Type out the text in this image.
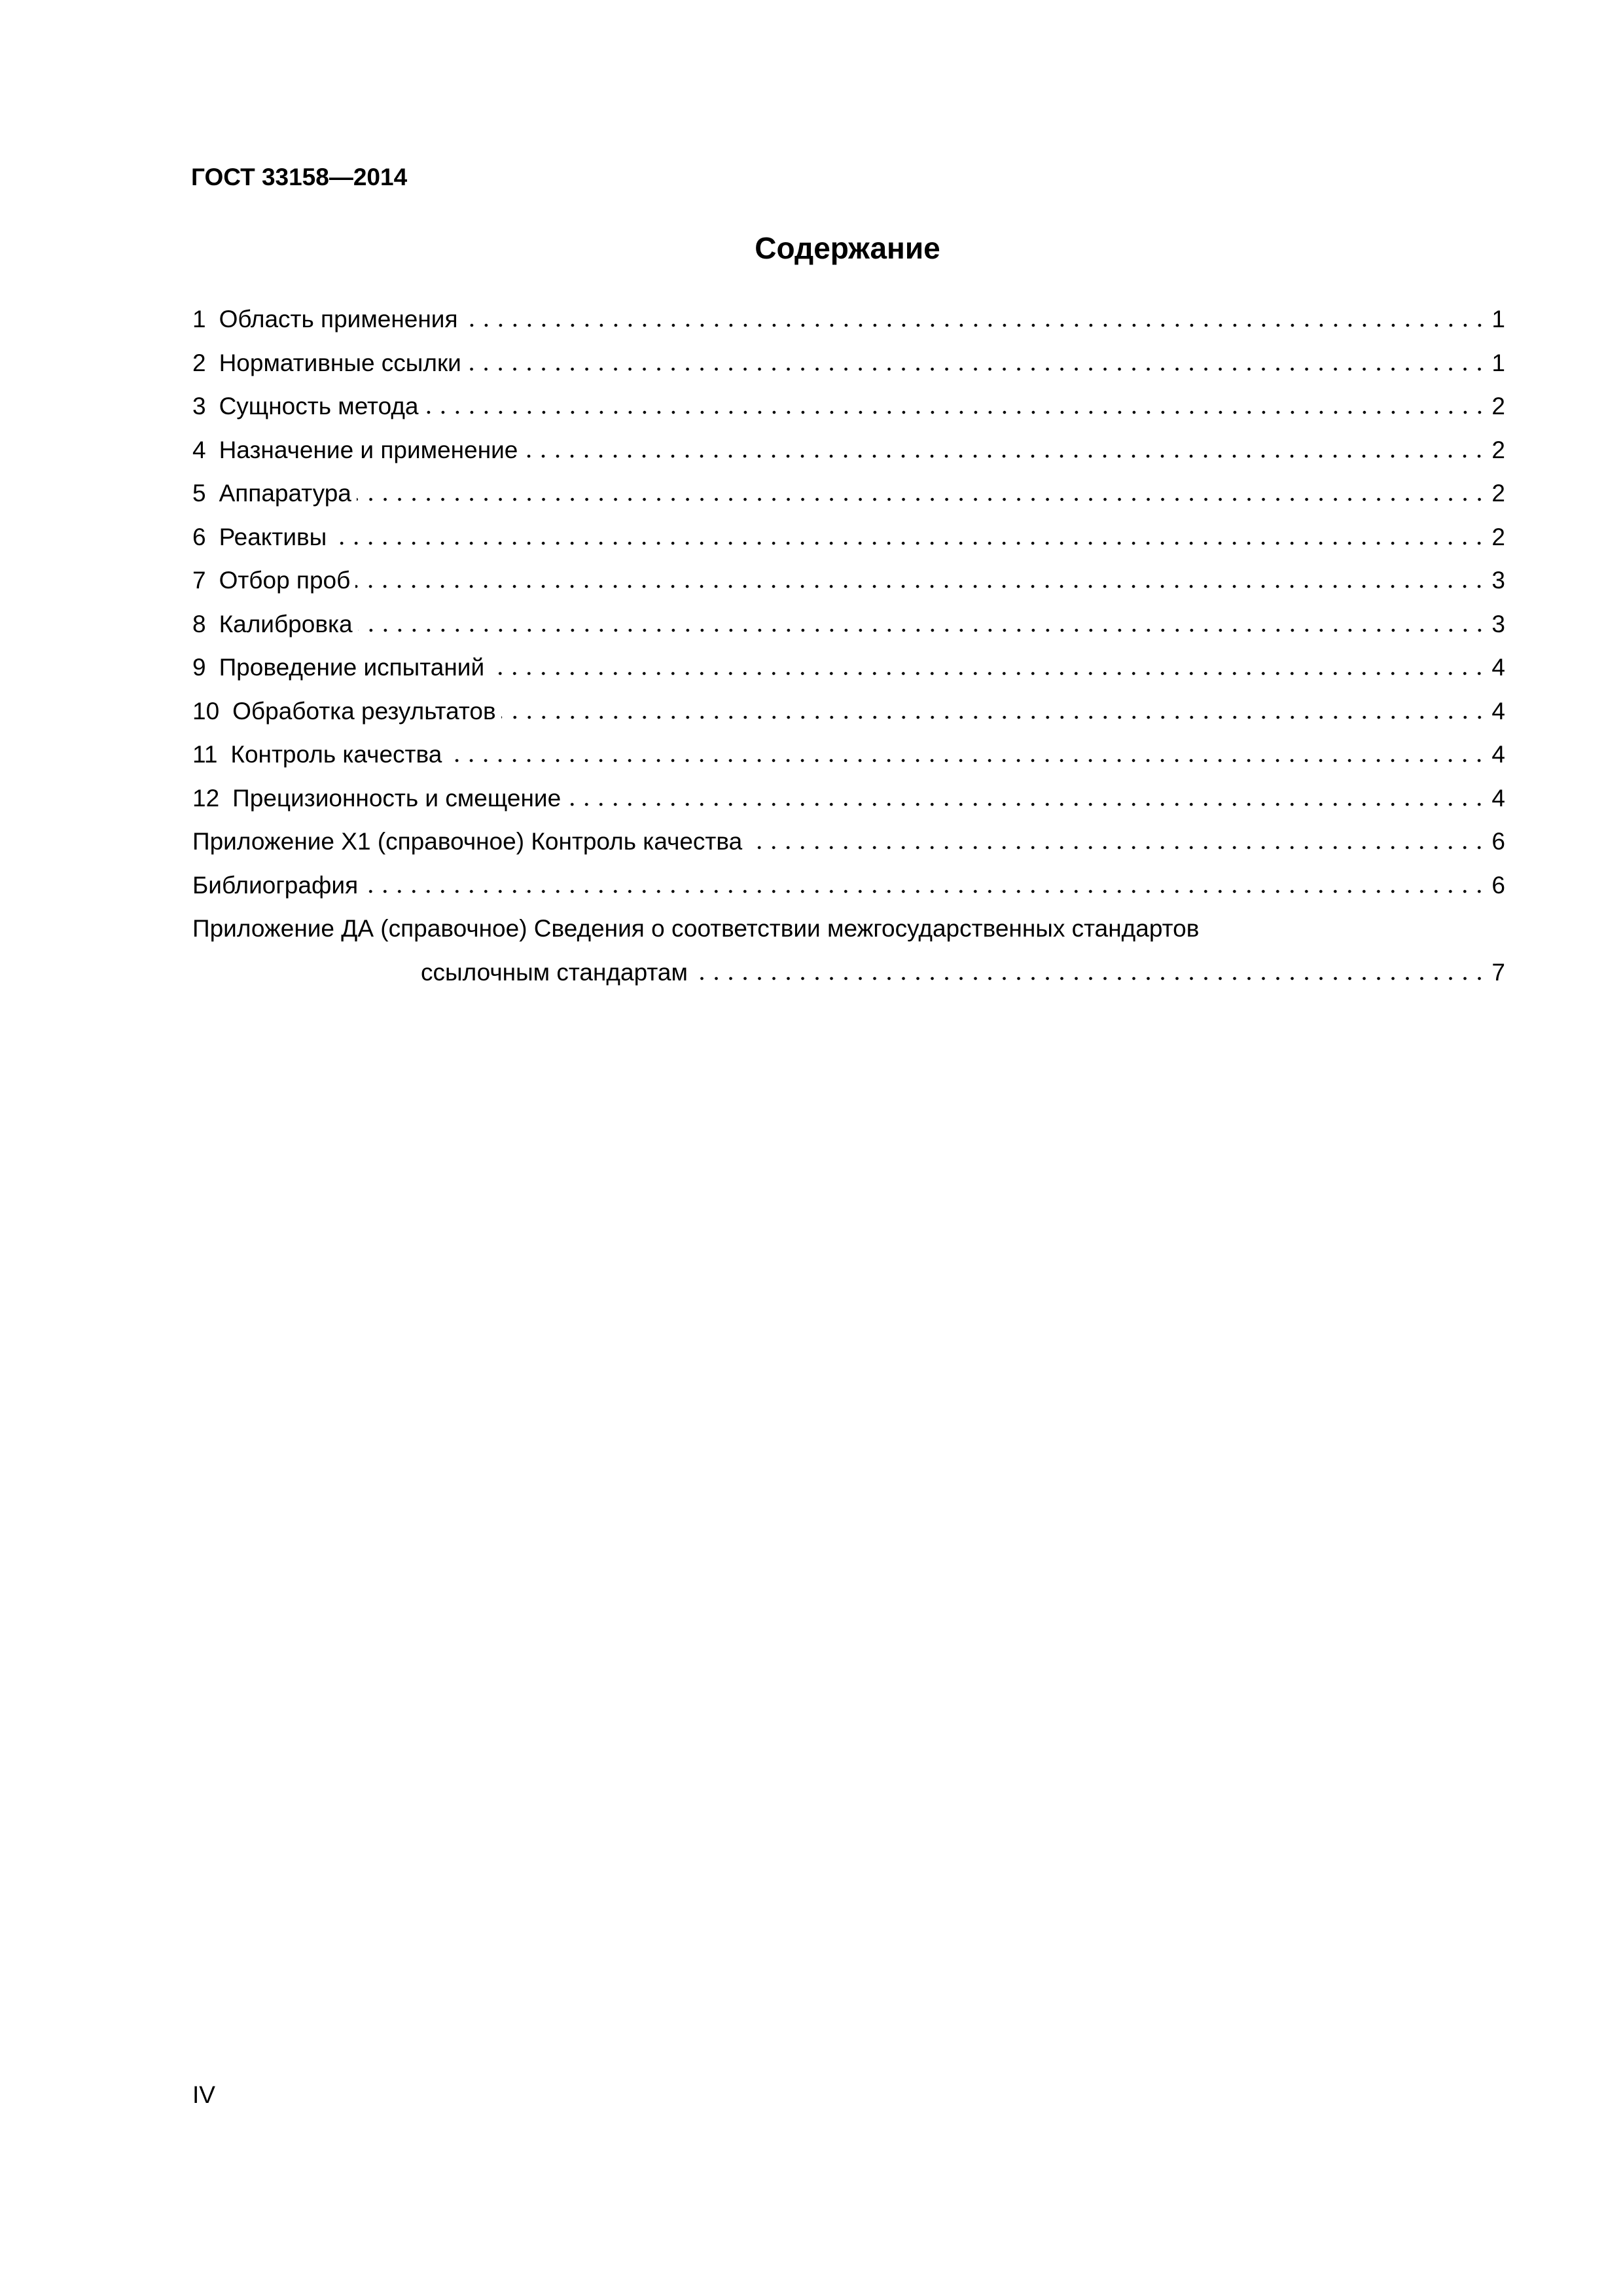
ГОСТ 33158—2014
Содержание
1 Область применения	1
2 Нормативные ссылки	1
3 Сущность метода	2
4 Назначение и применение	2
5 Аппаратура	2
6 Реактивы	2
7 Отбор проб	3
8 Калибровка	3
9 Проведение испытаний	4
10 Обработка результатов	4
11 Контроль качества	4
12 Прецизионность и смещение	4
Приложение Х1 (справочное) Контроль качества	6
Библиография	6
Приложение ДА (справочное) Сведения о соответствии межгосударственных стандартов
ссылочным стандартам	7
IV
